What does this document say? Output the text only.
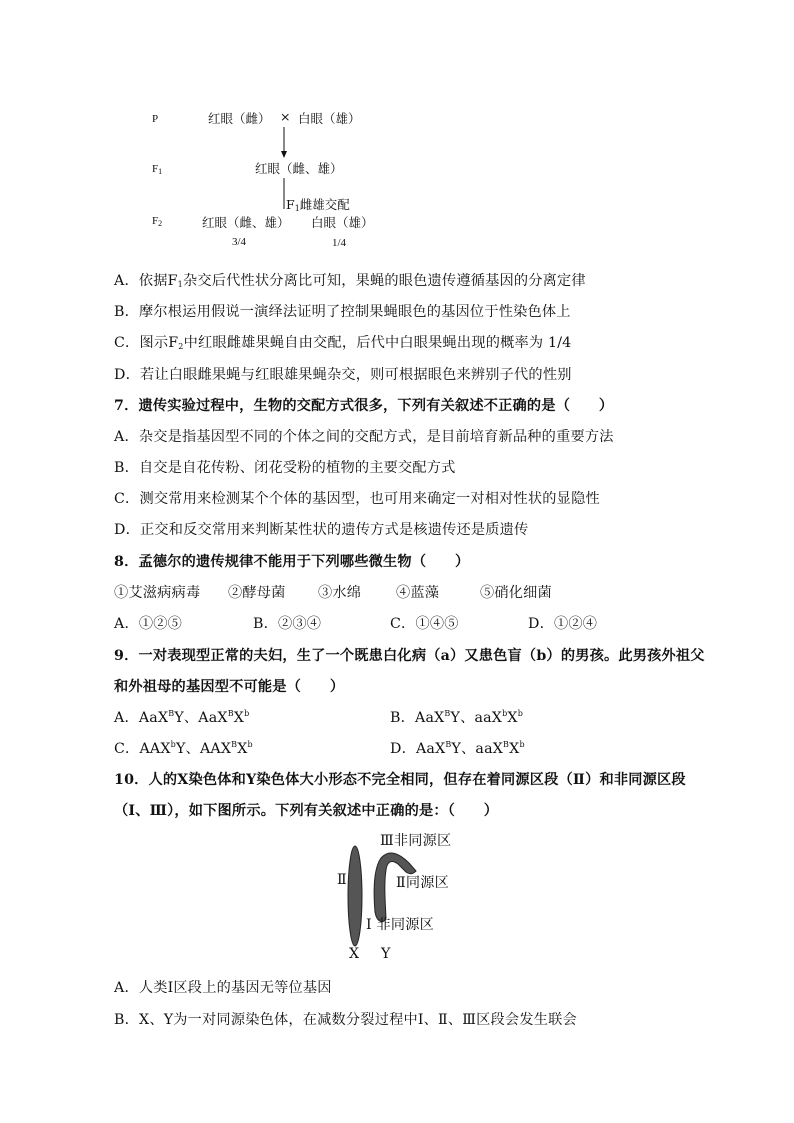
P	红眼（雌） × 白眼（雄）
$F_1$	红眼（雌、雄）
$F_1$雌雄交配
$F_2$	红眼（雌、雄） 白眼（雄）
3/4	1/4
A．依据$F_1$杂交后代性状分离比可知，果蝇的眼色遗传遵循基因的分离定律
B．摩尔根运用假说一演绎法证明了控制果蝇眼色的基因位于性染色体上
C．图示$F_2$中红眼雌雄果蝇自由交配，后代中白眼果蝇出现的概率为 1/4
D．若让白眼雌果蝇与红眼雄果蝇杂交，则可根据眼色来辨别子代的性别
7．遗传实验过程中，生物的交配方式很多，下列有关叙述不正确的是（　　）
A．杂交是指基因型不同的个体之间的交配方式，是目前培育新品种的重要方法
B．自交是自花传粉、闭花受粉的植物的主要交配方式
C．测交常用来检测某个个体的基因型，也可用来确定一对相对性状的显隐性
D．正交和反交常用来判断某性状的遗传方式是核遗传还是质遗传
8．孟德尔的遗传规律不能用于下列哪些微生物（　　）
①艾滋病病毒 ②酵母菌 ③水绵 ④蓝藻	⑤硝化细菌
A．①②⑤	B．②③④	C．①④⑤	D．①②④
9．一对表现型正常的夫妇，生了一个既患白化病（a）又患色盲（b）的男孩。此男孩外祖父
和外祖母的基因型不可能是（　　）
A．AaX$^B$Y、$AaX^BX^b$	B．AaX$^B$Y、$aaX^bX^b$
C．AAX$^b$Y、$AAX^BX^b$	D．AaX$^B$Y、$aaX^BX^b$
10．人的X染色体和Y染色体大小形态不完全相同，但存在着同源区段（Ⅱ）和非同源区段
（Ⅰ、Ⅲ），如下图所示。下列有关叙述中正确的是：（　　）
Ⅲ非同源区
Ⅱ	Ⅱ同源区
Ⅰ 非同源区
X Y
A．人类Ⅰ区段上的基因无等位基因
B．X、Y为一对同源染色体，在减数分裂过程中Ⅰ、Ⅱ、Ⅲ区段会发生联会
